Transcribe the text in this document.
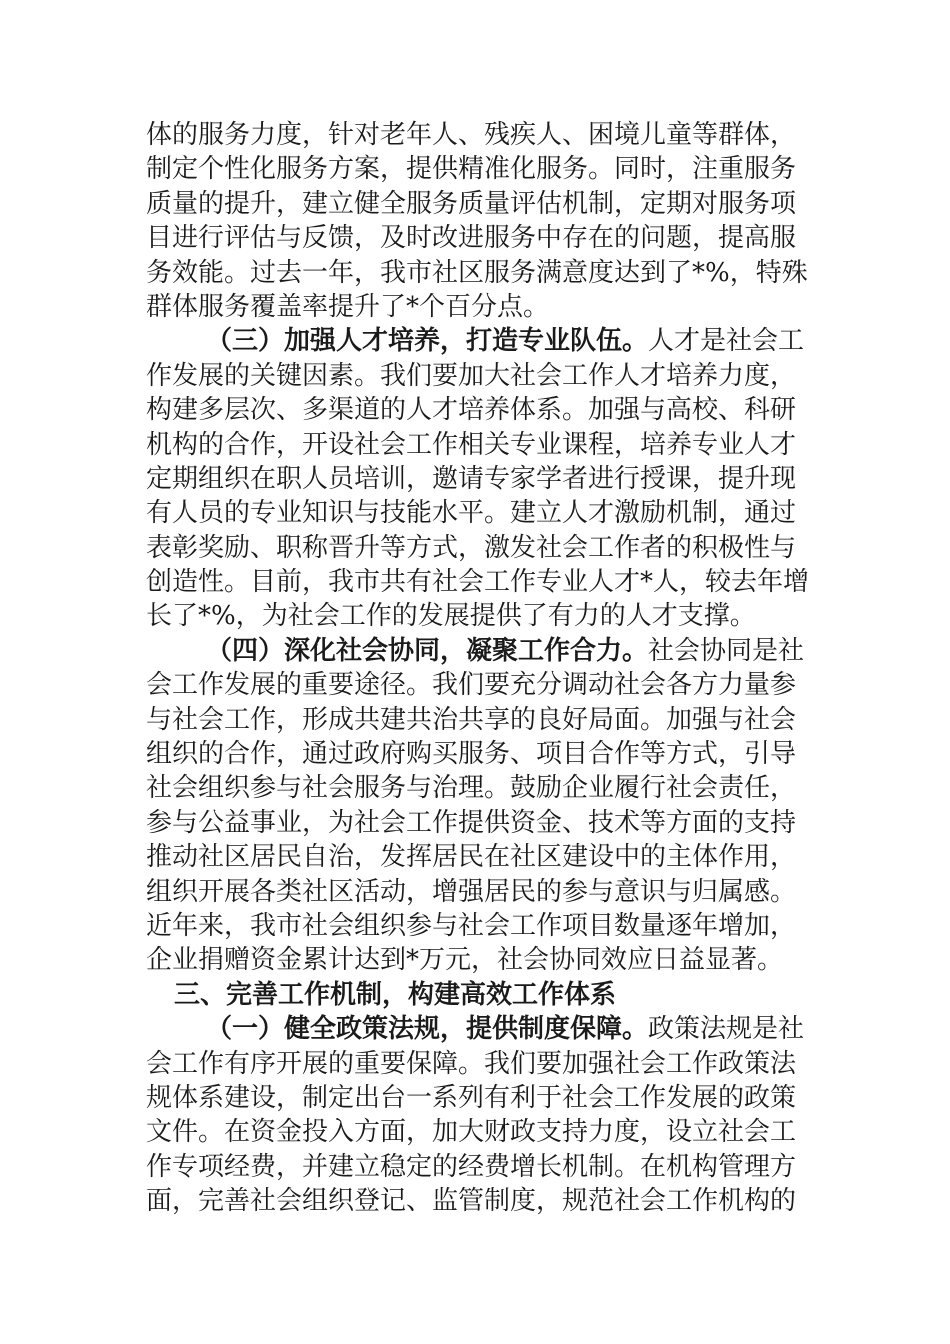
体的服务力度，针对老年人、残疾人、困境儿童等群体，
制定个性化服务方案，提供精准化服务。同时，注重服务
质量的提升，建立健全服务质量评估机制，定期对服务项
目进行评估与反馈，及时改进服务中存在的问题，提高服
务效能。过去一年，我市社区服务满意度达到了*%，特殊
群体服务覆盖率提升了*个百分点。
（三）加强人才培养，打造专业队伍。人才是社会工
作发展的关键因素。我们要加大社会工作人才培养力度，
构建多层次、多渠道的人才培养体系。加强与高校、科研
机构的合作，开设社会工作相关专业课程，培养专业人才
定期组织在职人员培训，邀请专家学者进行授课，提升现
有人员的专业知识与技能水平。建立人才激励机制，通过
表彰奖励、职称晋升等方式，激发社会工作者的积极性与
创造性。目前，我市共有社会工作专业人才*人，较去年增
长了*%，为社会工作的发展提供了有力的人才支撑。
（四）深化社会协同，凝聚工作合力。社会协同是社
会工作发展的重要途径。我们要充分调动社会各方力量参
与社会工作，形成共建共治共享的良好局面。加强与社会
组织的合作，通过政府购买服务、项目合作等方式，引导
社会组织参与社会服务与治理。鼓励企业履行社会责任，
参与公益事业，为社会工作提供资金、技术等方面的支持
推动社区居民自治，发挥居民在社区建设中的主体作用，
组织开展各类社区活动，增强居民的参与意识与归属感。
近年来，我市社会组织参与社会工作项目数量逐年增加，
企业捐赠资金累计达到*万元，社会协同效应日益显著。
三、完善工作机制，构建高效工作体系
（一）健全政策法规，提供制度保障。政策法规是社
会工作有序开展的重要保障。我们要加强社会工作政策法
规体系建设，制定出台一系列有利于社会工作发展的政策
文件。在资金投入方面，加大财政支持力度，设立社会工
作专项经费，并建立稳定的经费增长机制。在机构管理方
面，完善社会组织登记、监管制度，规范社会工作机构的
